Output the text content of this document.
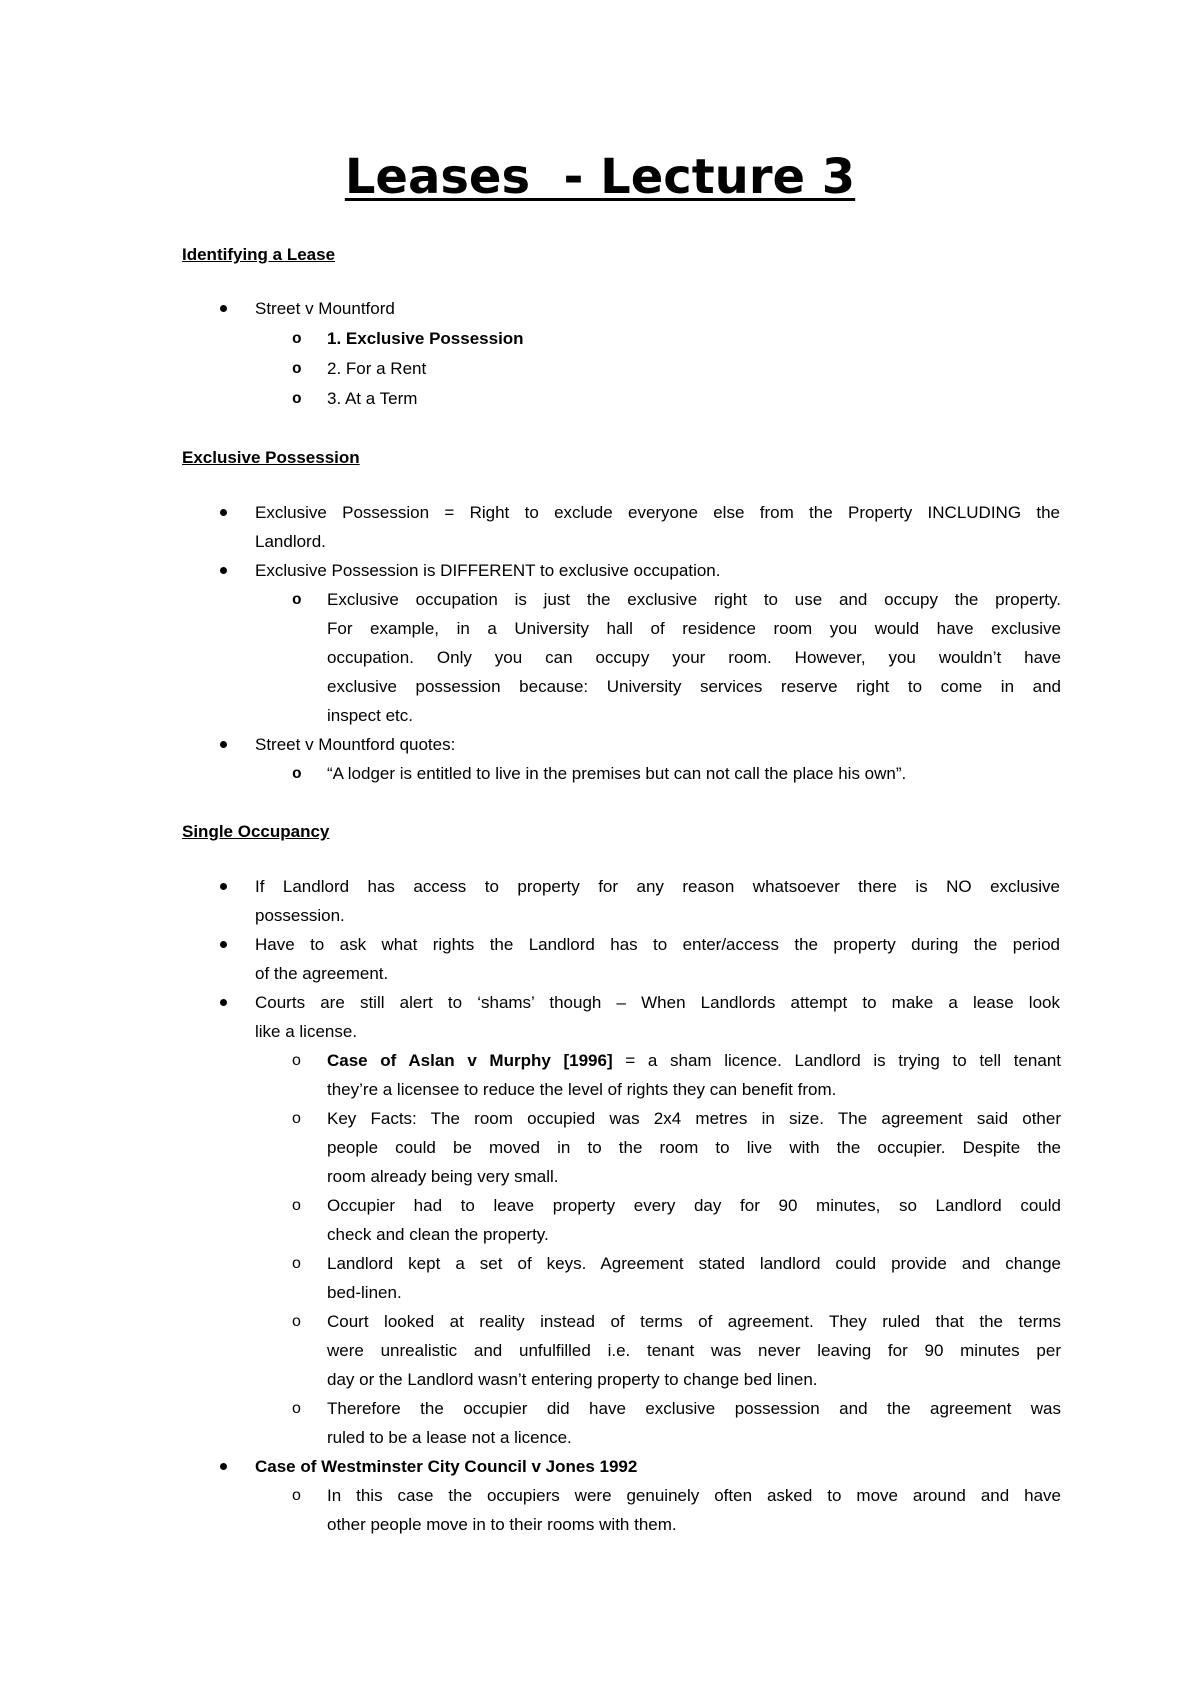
Leases  - Lecture 3

Identifying a Lease

Street v Mountford

o 1. Exclusive Possession

o 2. For a Rent

o 3. At a Term

Exclusive Possession

Exclusive Possession = Right to exclude everyone else from the Property INCLUDING the

Landlord.

Exclusive Possession is DIFFERENT to exclusive occupation.

o Exclusive occupation is just the exclusive right to use and occupy the property.

For example, in a University hall of residence room you would have exclusive

occupation. Only you can occupy your room. However, you wouldn’t have

exclusive possession because: University services reserve right to come in and

inspect etc.

Street v Mountford quotes:

o “A lodger is entitled to live in the premises but can not call the place his own”.

Single Occupancy

If Landlord has access to property for any reason whatsoever there is NO exclusive

possession.

Have to ask what rights the Landlord has to enter/access the property during the period

of the agreement.

Courts are still alert to ‘shams’ though – When Landlords attempt to make a lease look

like a license.

o Case of Aslan v Murphy [1996] = a sham licence. Landlord is trying to tell tenant

they’re a licensee to reduce the level of rights they can benefit from.

o Key Facts: The room occupied was 2x4 metres in size. The agreement said other

people could be moved in to the room to live with the occupier. Despite the

room already being very small.

o Occupier had to leave property every day for 90 minutes, so Landlord could

check and clean the property.

o Landlord kept a set of keys. Agreement stated landlord could provide and change

bed-linen.

o Court looked at reality instead of terms of agreement. They ruled that the terms

were unrealistic and unfulfilled i.e. tenant was never leaving for 90 minutes per

day or the Landlord wasn’t entering property to change bed linen.

o Therefore the occupier did have exclusive possession and the agreement was

ruled to be a lease not a licence.

Case of Westminster City Council v Jones 1992

o In this case the occupiers were genuinely often asked to move around and have

other people move in to their rooms with them.
